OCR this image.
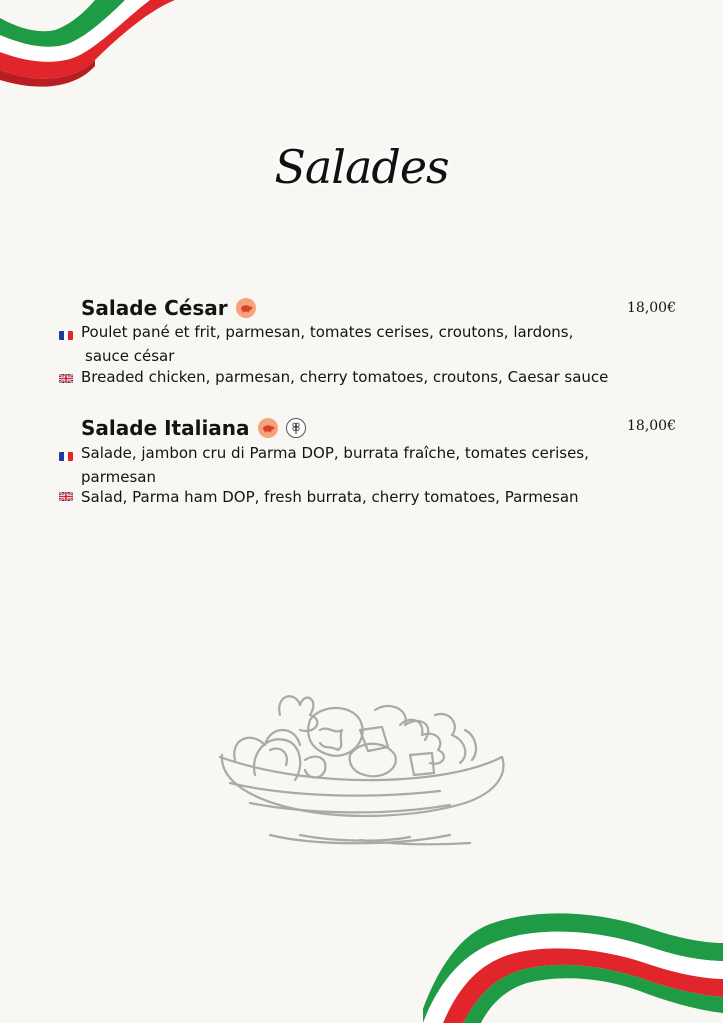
Salades
Salade César	18,00€
Poulet pané et frit, parmesan, tomates cerises, croutons, lardons,
sauce césar
Breaded chicken, parmesan, cherry tomatoes, croutons, Caesar sauce
Salade Italiana	18,00€
Salade, jambon cru di Parma DOP, burrata fraîche, tomates cerises,
parmesan
Salad, Parma ham DOP, fresh burrata, cherry tomatoes, Parmesan
